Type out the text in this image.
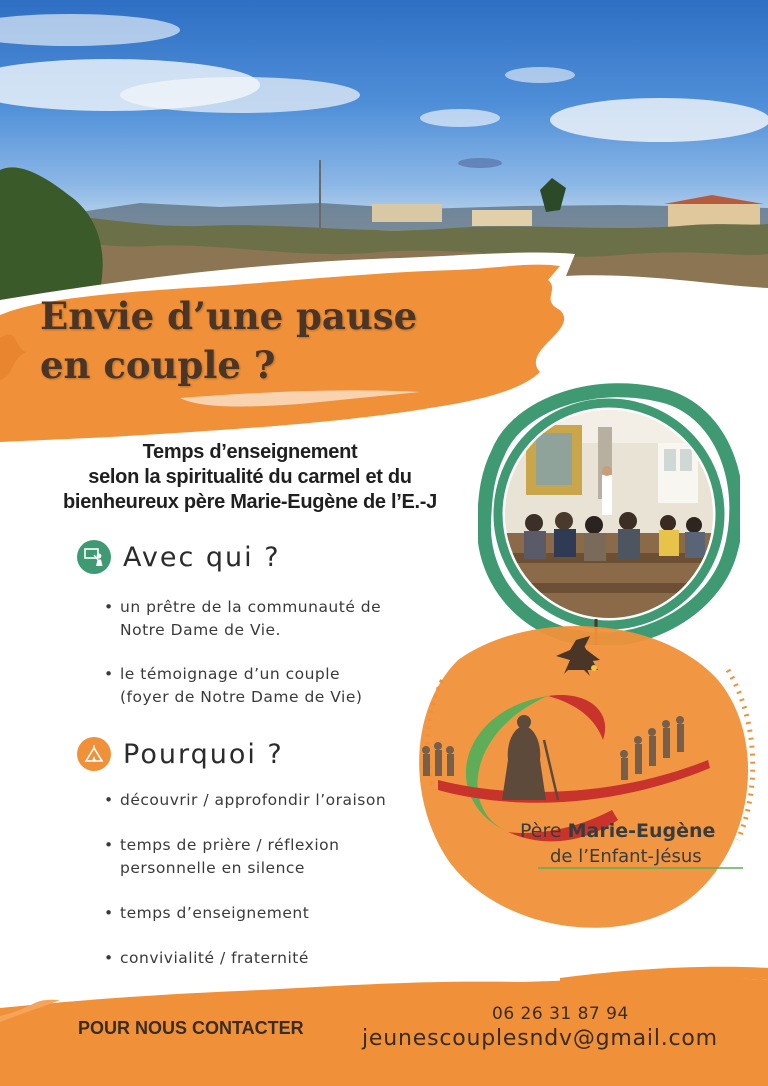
Envie d’une pause
en couple ?
Temps d’enseignement
selon la spiritualité du carmel et du
bienheureux père Marie-Eugène de l’E.-J
Avec qui ?
• un prêtre de la communauté de
Notre Dame de Vie.
• le témoignage d’un couple
(foyer de Notre Dame de Vie)
Pourquoi ?
• découvrir / approfondir l’oraison
• temps de prière / réflexion
personnelle en silence
• temps d’enseignement
• convivialité / fraternité
Père Marie-Eugène
de l’Enfant-Jésus
POUR NOUS CONTACTER
06 26 31 87 94
jeunescouplesndv@gmail.com
